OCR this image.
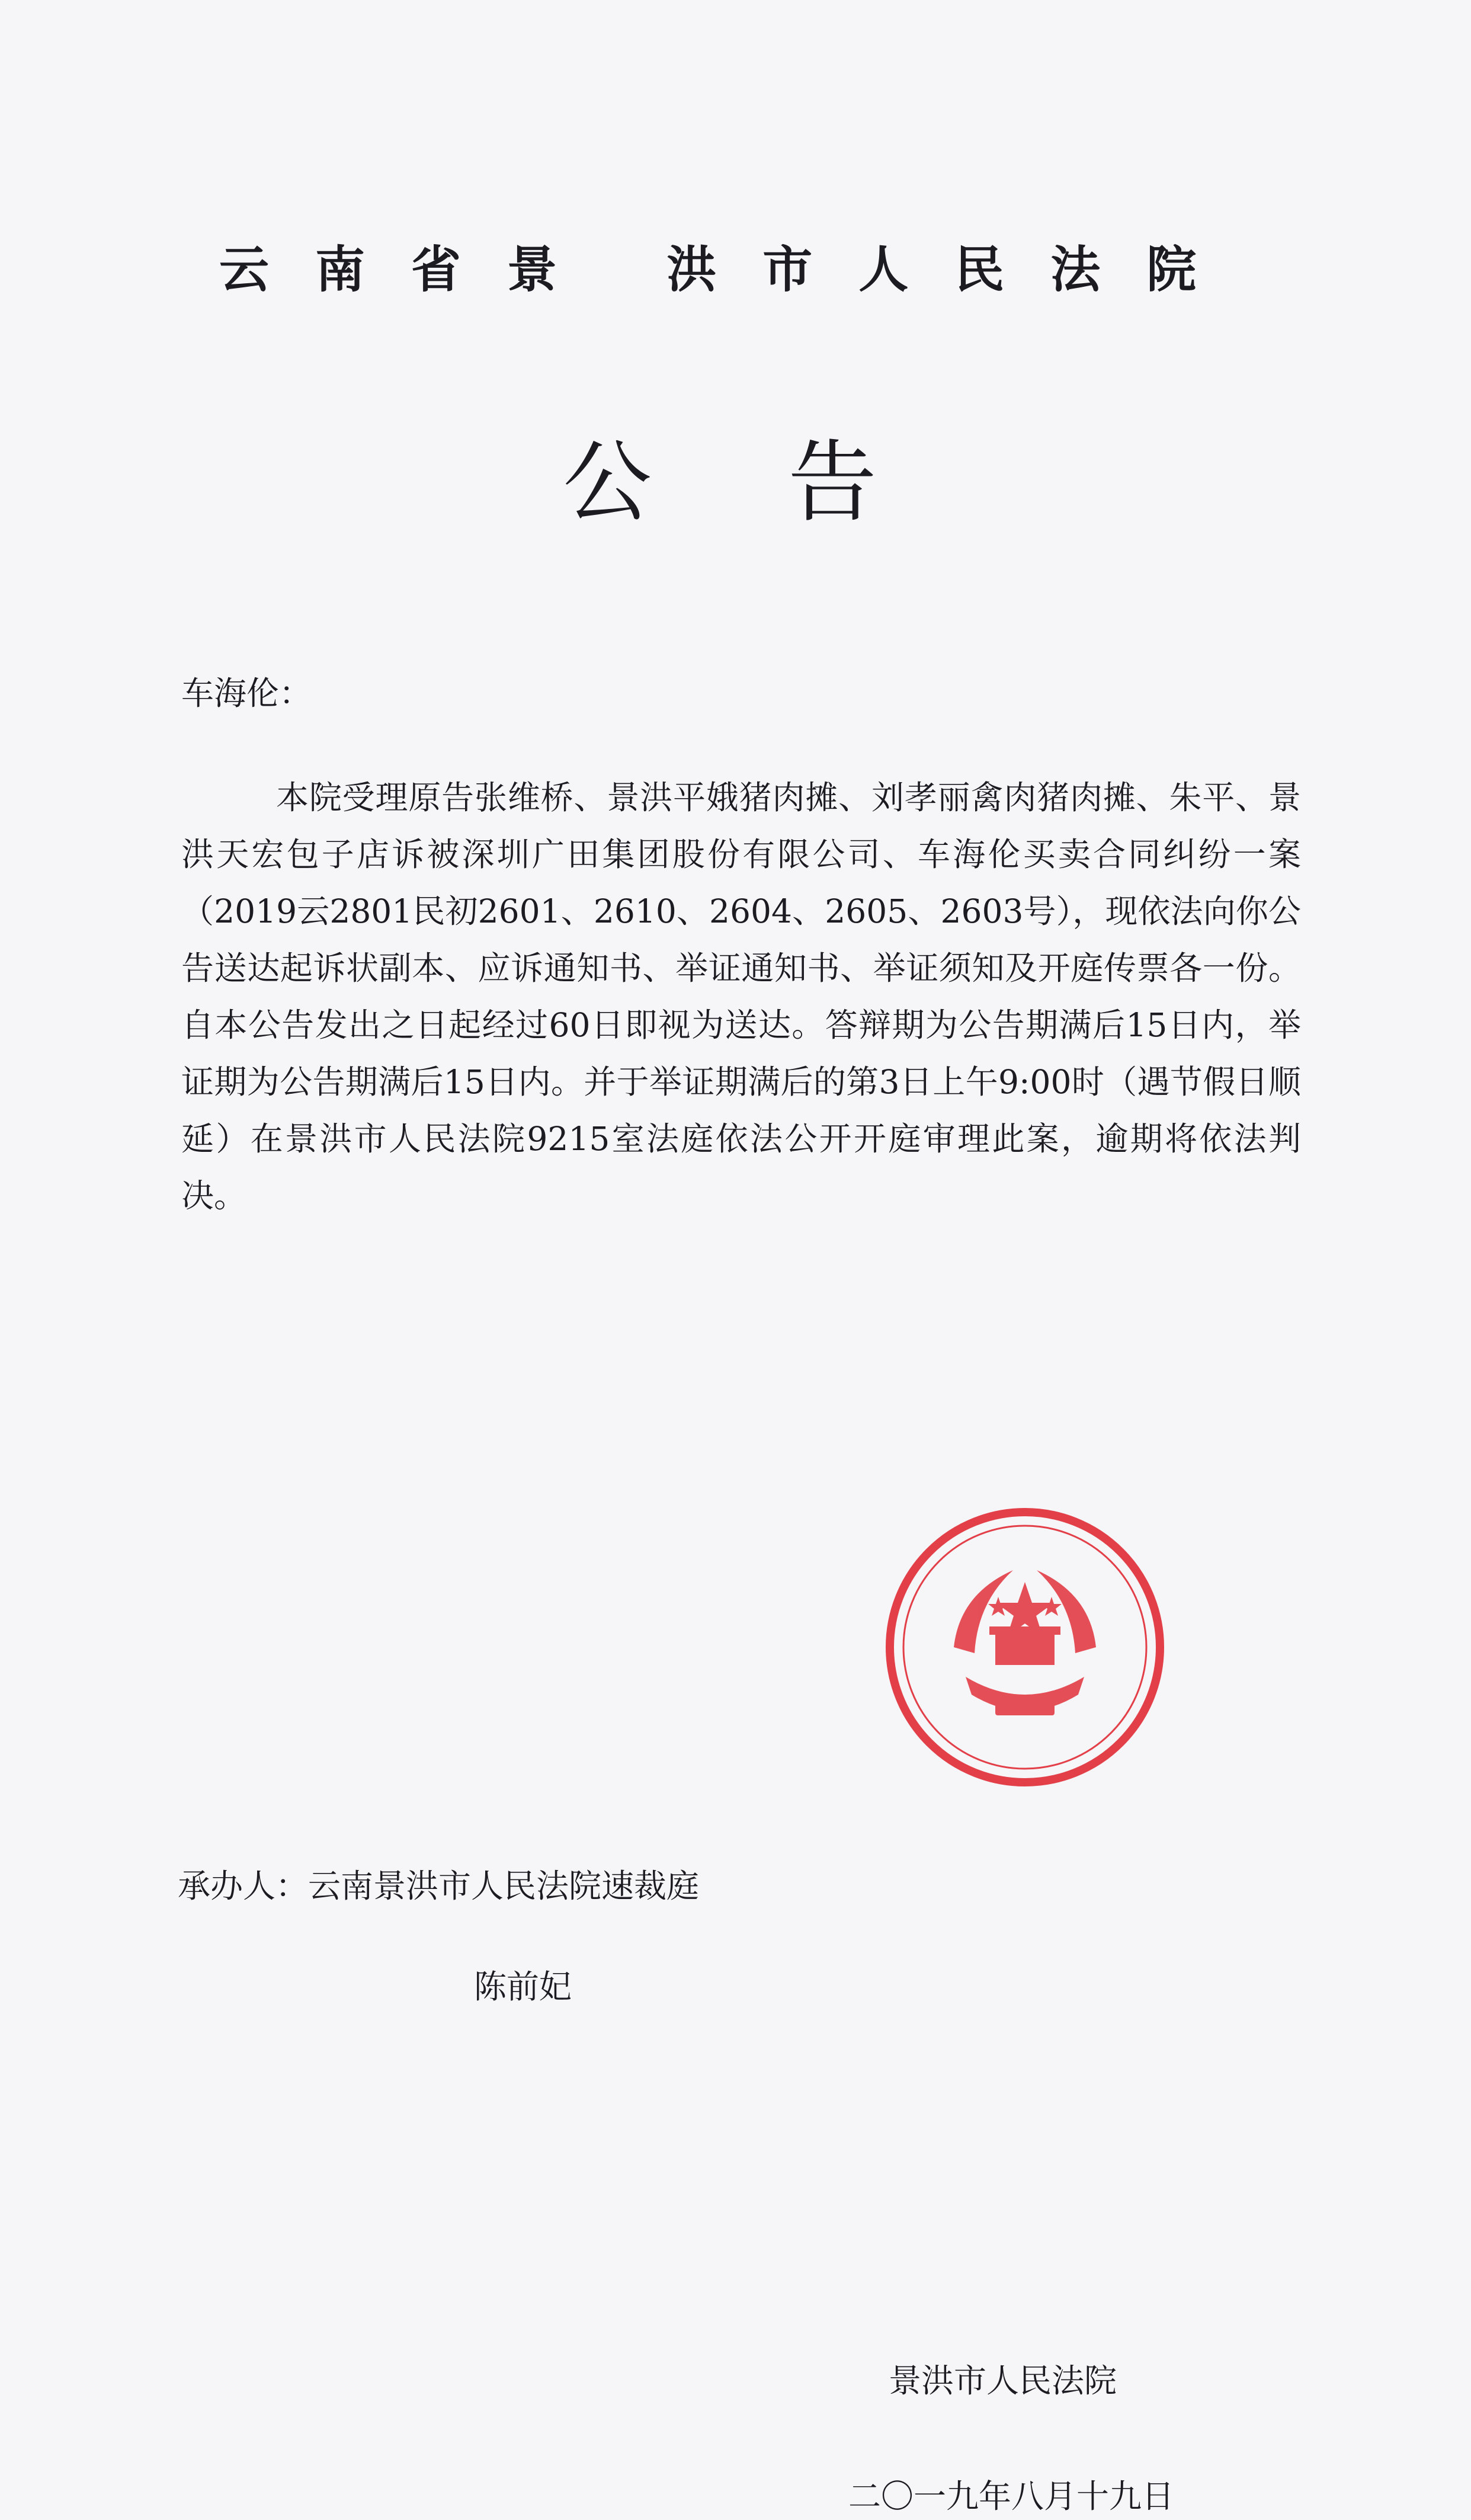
云南省景 洪市人民法院
公告
车海伦：

本院受理原告张维桥、景洪平娥猪肉摊、刘孝丽禽肉猪肉摊、朱平、景洪天宏包子店诉被深圳广田集团股份有限公司、车海伦买卖合同纠纷一案（2019云2801民初2601、2610、2604、2605、2603号），现依法向你公告送达起诉状副本、应诉通知书、举证通知书、举证须知及开庭传票各一份。自本公告发出之日起经过60日即视为送达。答辩期为公告期满后15日内，举证期为公告期满后15日内。并于举证期满后的第3日上午9:00时（遇节假日顺延）在景洪市人民法院9215室法庭依法公开开庭审理此案，逾期将依法判决。

承办人：云南景洪市人民法院速裁庭
陈前妃
景洪市人民法院
二〇一九年八月十九日
